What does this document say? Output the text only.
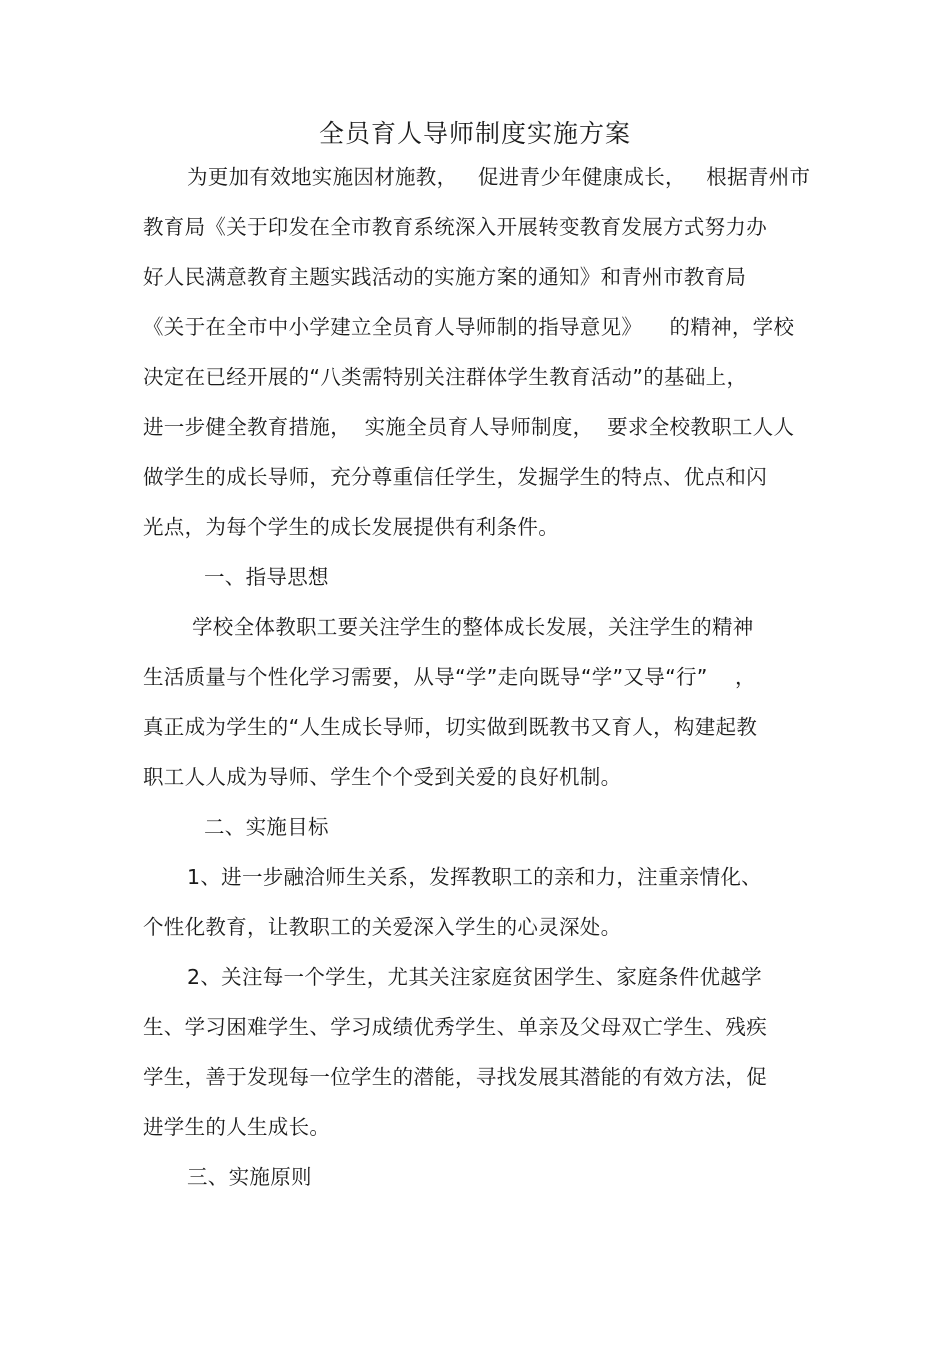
全员育人导师制度实施方案
为更加有效地实施因材施教，   促进青少年健康成长，   根据青州市
教育局《关于印发在全市教育系统深入开展转变教育发展方式努力办
好人民满意教育主题实践活动的实施方案的通知》和青州市教育局
《关于在全市中小学建立全员育人导师制的指导意见》    的精神，学校
决定在已经开展的“八类需特别关注群体学生教育活动”的基础上，
进一步健全教育措施，  实施全员育人导师制度，  要求全校教职工人人
做学生的成长导师，充分尊重信任学生，发掘学生的特点、优点和闪
光点，为每个学生的成长发展提供有利条件。
一、指导思想
学校全体教职工要关注学生的整体成长发展，关注学生的精神
生活质量与个性化学习需要，从导“学”走向既导“学”又导“行”    ，
真正成为学生的“人生成长导师，切实做到既教书又育人，构建起教
职工人人成为导师、学生个个受到关爱的良好机制。
二、实施目标
1、进一步融洽师生关系，发挥教职工的亲和力，注重亲情化、
个性化教育，让教职工的关爱深入学生的心灵深处。
2、关注每一个学生，尤其关注家庭贫困学生、家庭条件优越学
生、学习困难学生、学习成绩优秀学生、单亲及父母双亡学生、残疾
学生，善于发现每一位学生的潜能，寻找发展其潜能的有效方法，促
进学生的人生成长。
三、实施原则
